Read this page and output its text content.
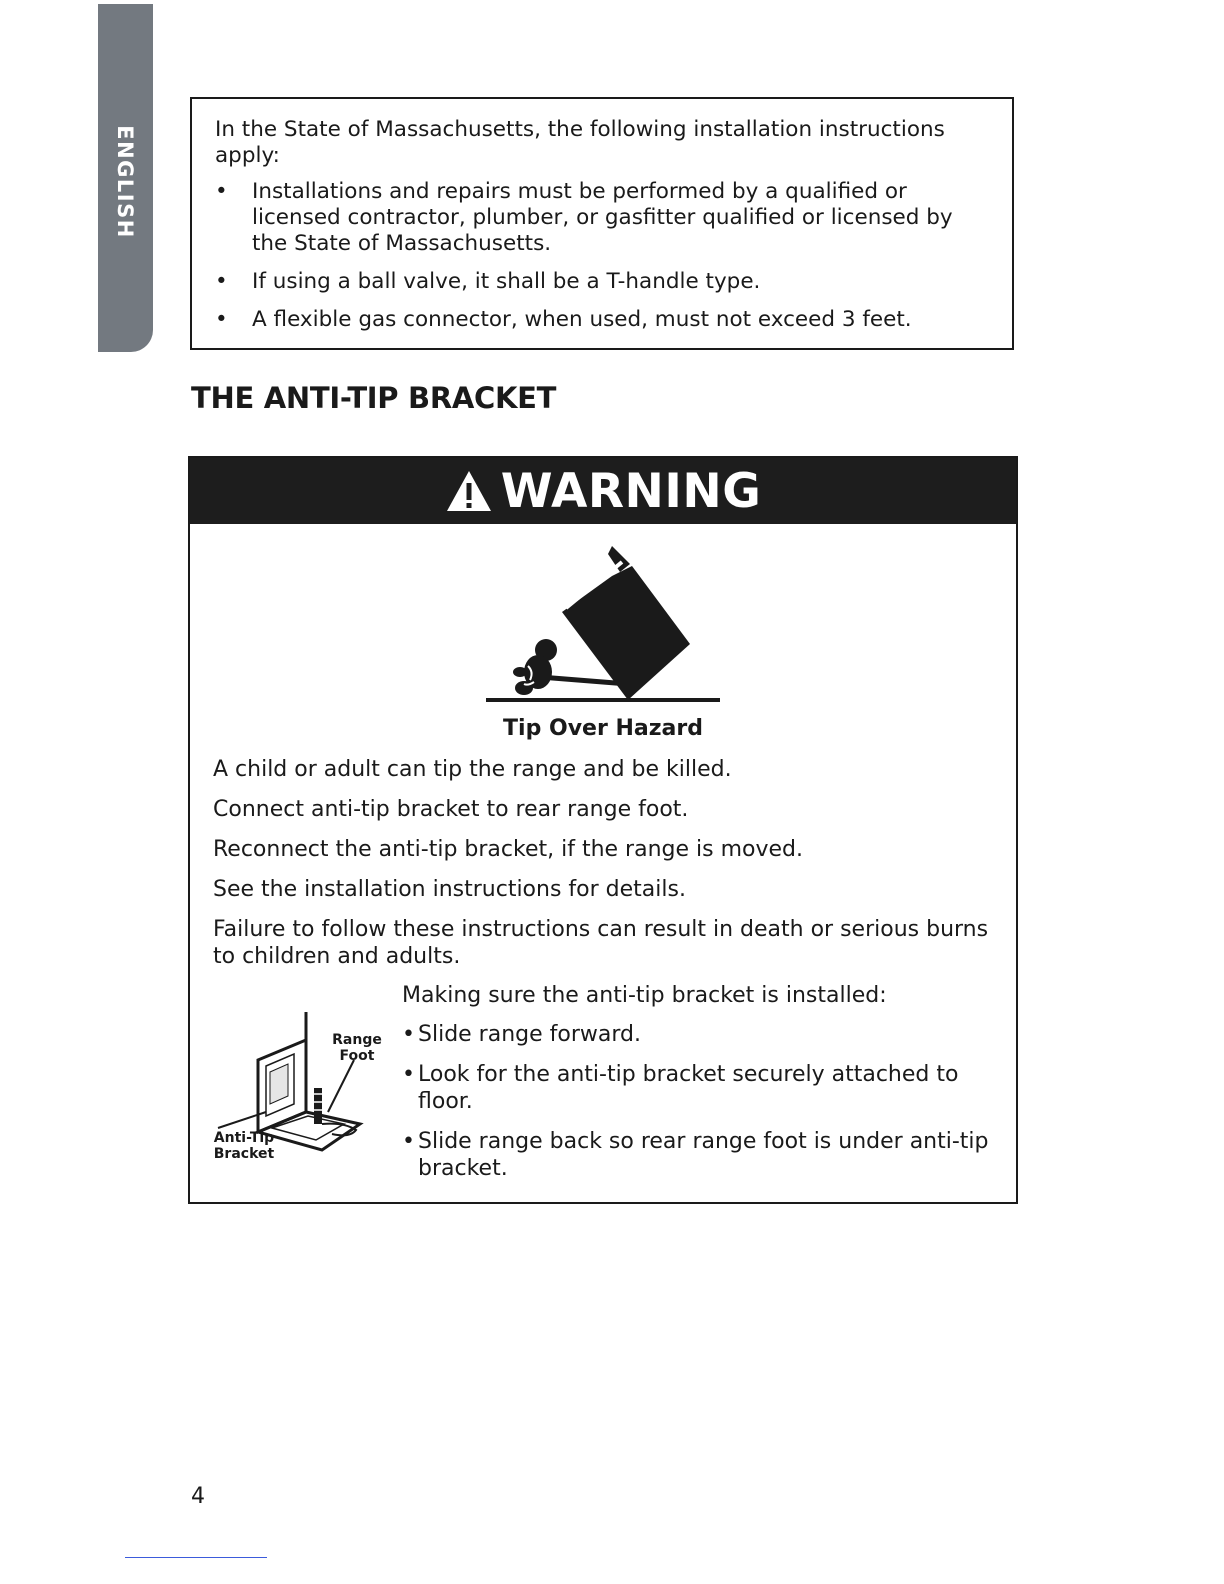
ENGLISH	In the State of Massachusetts, the following installation instructions apply:

• Installations and repairs must be performed by a qualified or licensed contractor, plumber, or gasfitter qualified or licensed by the State of Massachusetts.
• If using a ball valve, it shall be a T-handle type.
• A flexible gas connector, when used, must not exceed 3 feet.
THE ANTI-TIP BRACKET
WARNING
Tip Over Hazard

A child or adult can tip the range and be killed.

Connect anti-tip bracket to rear range foot.

Reconnect the anti-tip bracket, if the range is moved.

See the installation instructions for details.

Failure to follow these instructions can result in death or serious burns to children and adults.

Range
Foot
Anti-Tip
Bracket

Making sure the anti-tip bracket is installed:

• Slide range forward.
• Look for the anti-tip bracket securely attached to floor.
• Slide range back so rear range foot is under anti-tip bracket.
4
